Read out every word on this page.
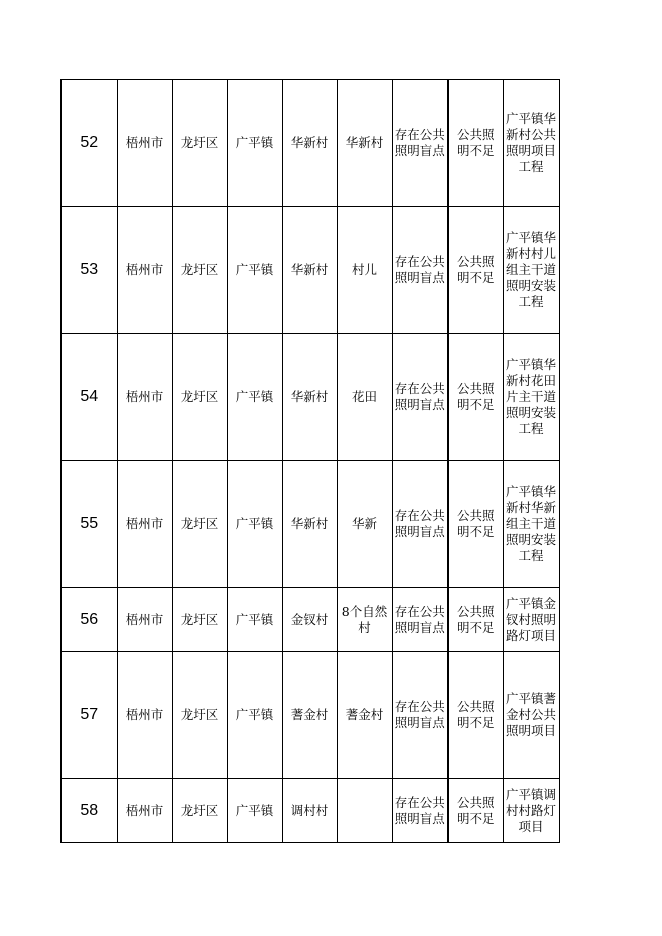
52	梧州市	龙圩区	广平镇	华新村	华新村	存在公共照明盲点	公共照明不足	广平镇华新村公共照明项目工程
53	梧州市	龙圩区	广平镇	华新村	村儿	存在公共照明盲点	公共照明不足	广平镇华新村村儿组主干道照明安装工程
54	梧州市	龙圩区	广平镇	华新村	花田	存在公共照明盲点	公共照明不足	广平镇华新村花田片主干道照明安装工程
55	梧州市	龙圩区	广平镇	华新村	华新	存在公共照明盲点	公共照明不足	广平镇华新村华新组主干道照明安装工程
56	梧州市	龙圩区	广平镇	金钗村	8个自然村	存在公共照明盲点	公共照明不足	广平镇金钗村照明路灯项目
57	梧州市	龙圩区	广平镇	蓍金村	蓍金村	存在公共照明盲点	公共照明不足	广平镇蓍金村公共照明项目
58	梧州市	龙圩区	广平镇	调村村		存在公共照明盲点	公共照明不足	广平镇调村村路灯项目
